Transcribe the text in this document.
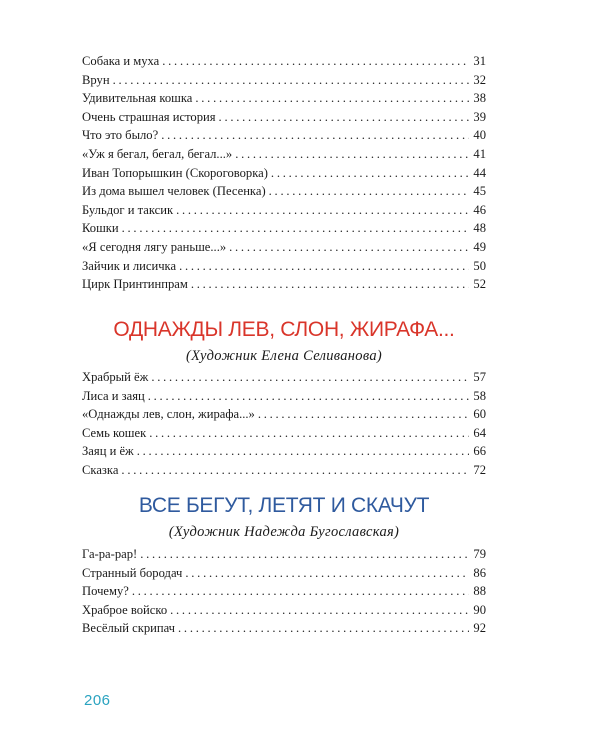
Собака и муха . . .	31
Врун . . .	32
Удивительная кошка . . .	38
Очень страшная история . . .	39
Что это было? . . .	40
«Уж я бегал, бегал, бегал...» . . .	41
Иван Топорышкин (Скороговорка) . . .	44
Из дома вышел человек (Песенка) . . .	45
Бульдог и таксик . . .	46
Кошки . . .	48
«Я сегодня лягу раньше...» . . .	49
Зайчик и лисичка . . .	50
Цирк Принтинпрам . . .	52
ОДНАЖДЫ ЛЕВ, СЛОН, ЖИРАФА...
(Художник Елена Селиванова)
Храбрый ёж . . .	57
Лиса и заяц . . .	58
«Однажды лев, слон, жирафа...» . . .	60
Семь кошек . . .	64
Заяц и ёж . . .	66
Сказка . . .	72
ВСЕ БЕГУТ, ЛЕТЯТ И СКАЧУТ
(Художник Надежда Бугославская)
Га-ра-рар! . . .	79
Странный бородач . . .	86
Почему? . . .	88
Храброе войско . . .	90
Весёлый скрипач . . .	92
206
